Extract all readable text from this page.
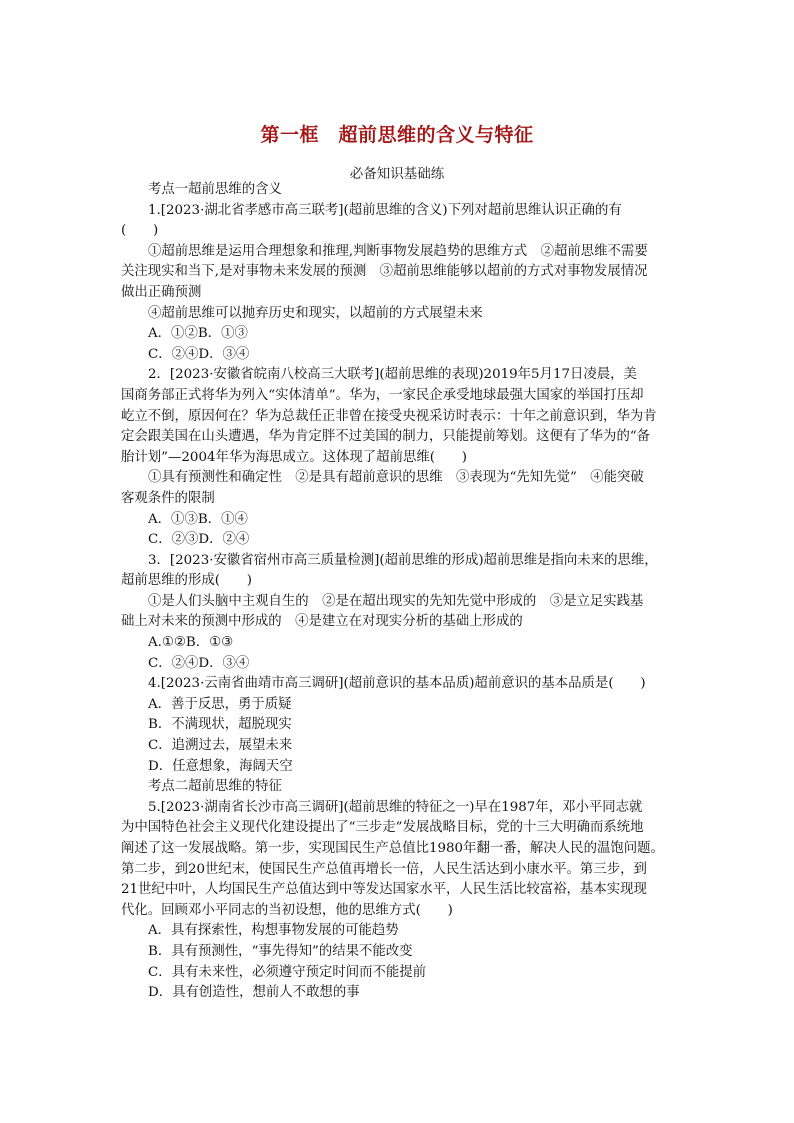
第一框　超前思维的含义与特征
必备知识基础练

考点一超前思维的含义

1.[2023·湖北省孝感市高三联考](超前思维的含义)下列对超前思维认识正确的有

(　　)

①超前思维是运用合理想象和推理,判断事物发展趋势的思维方式　②超前思维不需要

关注现实和当下,是对事物未来发展的预测　③超前思维能够以超前的方式对事物发展情况

做出正确预测

④超前思维可以抛弃历史和现实，以超前的方式展望未来

A．①②B．①③

C．②④D．③④

2．[2023·安徽省皖南八校高三大联考](超前思维的表现)2019年5月17日凌晨，美

国商务部正式将华为列入“实体清单”。华为，一家民企承受地球最强大国家的举国打压却

屹立不倒，原因何在？华为总裁任正非曾在接受央视采访时表示：十年之前意识到，华为肯

定会跟美国在山头遭遇，华为肯定胖不过美国的制力，只能提前筹划。这便有了华为的“备

胎计划”—2004年华为海思成立。这体现了超前思维(　　)

①具有预测性和确定性　②是具有超前意识的思维　③表现为“先知先觉”　④能突破

客观条件的限制

A．①③B．①④

C．②③D．②④

3．[2023·安徽省宿州市高三质量检测](超前思维的形成)超前思维是指向未来的思维，

超前思维的形成(　　)

①是人们头脑中主观自生的　②是在超出现实的先知先觉中形成的　③是立足实践基

础上对未来的预测中形成的　④是建立在对现实分析的基础上形成的

A.①②B．①③

C．②④D．③④

4.[2023·云南省曲靖市高三调研](超前意识的基本品质)超前意识的基本品质是(　　)

A．善于反思，勇于质疑

B．不满现状，超脱现实

C．追溯过去，展望未来

D．任意想象，海阔天空

考点二超前思维的特征

5.[2023·湖南省长沙市高三调研](超前思维的特征之一)早在1987年，邓小平同志就

为中国特色社会主义现代化建设提出了“三步走”发展战略目标，党的十三大明确而系统地

阐述了这一发展战略。第一步，实现国民生产总值比1980年翻一番，解决人民的温饱问题。

第二步，到20世纪末，使国民生产总值再增长一倍，人民生活达到小康水平。第三步，到

21世纪中叶，人均国民生产总值达到中等发达国家水平，人民生活比较富裕，基本实现现

代化。回顾邓小平同志的当初设想，他的思维方式(　　)

A．具有探索性，构想事物发展的可能趋势

B．具有预测性，“事先得知”的结果不能改变

C．具有未来性，必须遵守预定时间而不能提前

D．具有创造性，想前人不敢想的事
